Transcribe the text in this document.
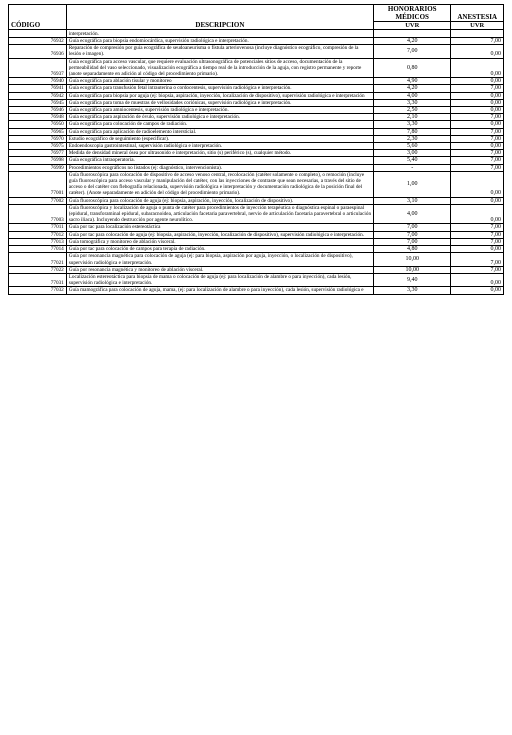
CÓDIGO	DESCRIPCION	HONORARIOS MÉDICOS	ANESTESIA
		UVR	UVR
	interpretación.		
76932	Guía ecográfica para biopsia endomiocárdica, supervisión radiológica e interpretación.	4,20	7,00
76936	Reparación de compresión por guía ecográfica de seudoaneurisma o fístula arteriovenosa (incluye diagnóstico ecográfico, compresión de la lesión e imagen).	7,00	0,00
76937	Guía ecográfica para acceso vascular, que requiere evaluación ultrasonográfica de potenciales sitios de acceso, documentación de la permeabilidad del vaso seleccionado, visualización ecográfica a tiempo real de la introducción de la aguja, con registro permanente y reporte (anote separadamente en adición al código del procedimiento primario).	0,80	0,00
76940	Guía ecográfica para ablación tisular y monitoreo	4,90	0,00
76941	Guía ecográfica para transfusión fetal intrauterina o cordocentesis, supervisión radiológica e interpretación.	4,20	7,00
76942	Guía ecográfica para biopsia por aguja (ej: biopsia, aspiración, inyección, localización de dispositivo), supervisión radiológica e interpretación	4,00	0,00
76945	Guía ecográfica para toma de muestras de vellosidades coriónicas, supervisión radiológica e interpretación.	3,30	0,00
76946	Guía ecográfica para amniocentesis, supervisión radiológica e interpretación.	2,50	0,00
76948	Guía ecográfica para aspiración de óvulo, supervisión radiológica e interpretación.	2,10	7,00
76950	Guía ecográfica para colocación de campos de radiación.	3,30	0,00
76965	Guía ecográfica para aplicación de radioelemento intersticial.	7,80	7,00
76970	Estudio ecográfico de seguimiento (especificar).	2,30	7,00
76975	Endoendoscopia gastrointestinal, supervisión radiológica e interpretación.	5,60	0,00
76977	Medida de densidad mineral ósea por ultrasonido e interpretación, sitio (s) periférico (s), cualquier método.	3,00	7,00
76998	Guía ecográfica intraoperatoria.	5,40	7,00
76999	Procedimientos ecográficos no listados (ej: diagnóstico, intervencionista).	-	7,00
77001	Guía fluoroscópica para colocación de dispositivo de acceso venoso central, recolocación (catéter solamente o completo), o remoción (incluye guía fluoroscópica para acceso vascular y manipulación del catéter, con las inyecciones de contraste que sean necesarias, a través del sitio de acceso o del catéter con flebografía relacionada, supervisión radiológica e interpretación y documentación radiológica de la posición final del catéter). (Anote separadamente en adición del código del procedimiento primario).	1,00	0,00
77002	Guía fluoroscópica para colocación de aguja (ej: biopsia, aspiración, inyección, localización de dispositivo).	3,10	0,00
77003	Guía fluoroscópica y localización de aguja o punta de catéter para procedimientos de inyección terapéutica o diagnóstica espinal o paraespinal (epidural, transforaminal epidural, subaracnoidea, articulación facetaria paravertebral, nervio de articulación facetaria paravertebral o articulación sacro iliaca). Incluyendo destrucción por agente neurolítico.	4,00	0,00
77011	Guía por tac para localización estereotáctica	7,00	7,00
77012	Guía por tac para colocación de aguja (ej: biopsia, aspiración, inyección, localización de dispositivo), supervisión radiológica e interpretación.	7,00	7,00
77013	Guía tomográfica y monitoreo de ablación visceral.	7,00	7,00
77014	Guía por tac para colocación de campos para terapia de radiación.	4,80	0,00
77021	Guía por resonancia magnética para colocación de aguja (ej: para biopsia, aspiración por aguja, inyección, o localización de dispositivo), supervisión radiológica e interpretación.	10,00	7,00
77022	Guía por resonancia magnética y monitoreo de ablación visceral.	10,00	7,00
77031	Localización estereotáctica para biopsia de mama o colocación de aguja (ej: para localización de alambre o para inyección), cada lesión, supervisión radiológica e interpretación.	9,40	0,00
77032	Guía mamográfica para colocación de aguja, mama, (ej: para localización de alambre o para inyección), cada lesión, supervisión radiológica e	3,30	0,00
